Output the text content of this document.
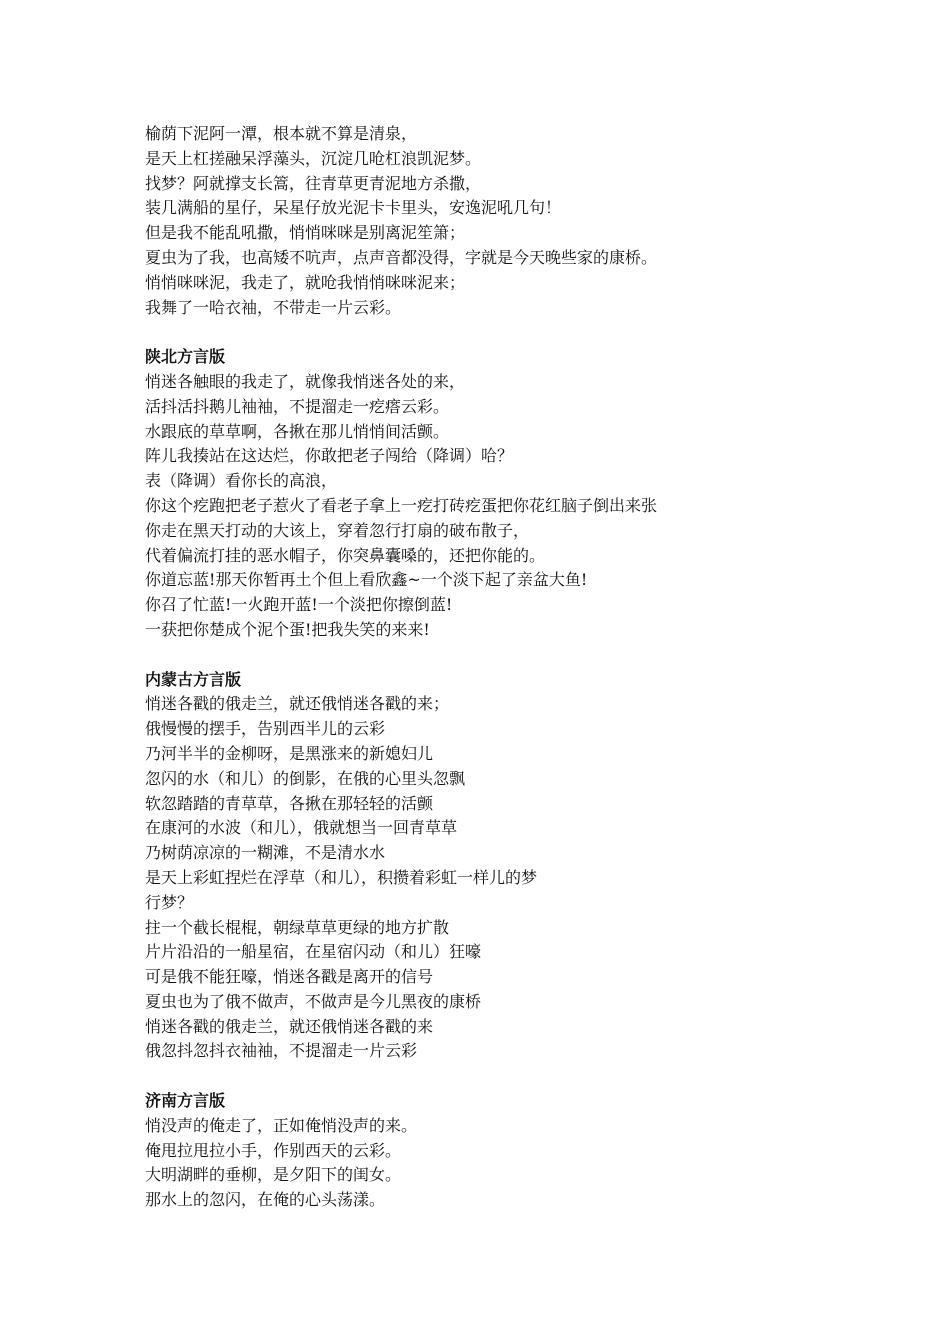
榆荫下泥阿一潭，根本就不算是清泉，

是天上杠搓融呆浮藻头，沉淀几呛杠浪凯泥梦。

找梦？阿就撑支长篙，往青草更青泥地方杀撒，

装几满船的星仔，呆星仔放光泥卡卡里头，安逸泥吼几句！

但是我不能乱吼撒，悄悄咪咪是别离泥笙箫；

夏虫为了我，也高矮不吭声，点声音都没得，字就是今天晚些家的康桥。

悄悄咪咪泥，我走了，就呛我悄悄咪咪泥来；

我舞了一哈衣袖，不带走一片云彩。

陕北方言版

悄迷各触眼的我走了，就像我悄迷各处的来，

活抖活抖鹅儿袖袖，不提溜走一疙瘩云彩。

水跟底的草草啊，各揪在那儿悄悄间活颤。

阵儿我揍站在这达烂，你敢把老子闯给（降调）哈？

表（降调）看你长的高浪，

你这个疙跑把老子惹火了看老子拿上一疙打砖疙蛋把你花红脑子倒出来张

你走在黑天打动的大该上，穿着忽行打扇的破布散子，

代着偏流打挂的恶水帽子，你突鼻囊嗓的，还把你能的。

你道忘蓝!那天你暂再土个但上看欣鑫~一个淡下起了亲盆大鱼!

你召了忙蓝!一火跑开蓝!一个淡把你擦倒蓝!

一获把你楚成个泥个蛋!把我失笑的来来!

内蒙古方言版

悄迷各戳的俄走兰，就还俄悄迷各戳的来；

俄慢慢的摆手，告别西半儿的云彩

乃河半半的金柳呀，是黑涨来的新媳妇儿

忽闪的水（和儿）的倒影，在俄的心里头忽飘

软忽踏踏的青草草，各揪在那轻轻的活颤

在康河的水波（和儿），俄就想当一回青草草

乃树荫凉凉的一糊滩，不是清水水

是天上彩虹捏烂在浮草（和儿），积攒着彩虹一样儿的梦

行梦？

拄一个截长棍棍，朝绿草草更绿的地方扩散

片片沿沿的一船星宿，在星宿闪动（和儿）狂嚎

可是俄不能狂嚎，悄迷各戳是离开的信号

夏虫也为了俄不做声，不做声是今儿黑夜的康桥

悄迷各戳的俄走兰，就还俄悄迷各戳的来

俄忽抖忽抖衣袖袖，不提溜走一片云彩

济南方言版

悄没声的俺走了，正如俺悄没声的来。

俺甩拉甩拉小手，作别西天的云彩。

大明湖畔的垂柳，是夕阳下的闺女。

那水上的忽闪，在俺的心头荡漾。
